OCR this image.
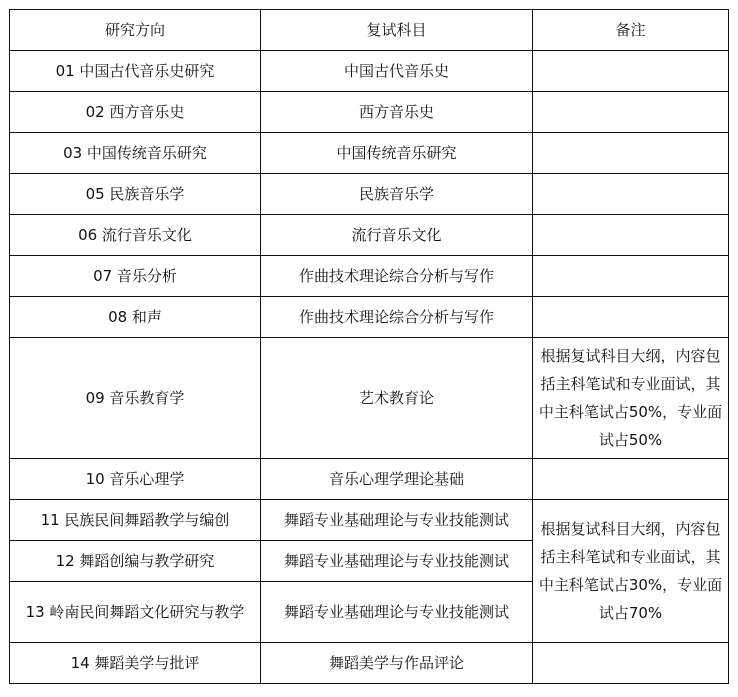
研究方向	复试科目	备注
01 中国古代音乐史研究	中国古代音乐史	
02 西方音乐史	西方音乐史	
03 中国传统音乐研究	中国传统音乐研究	
05 民族音乐学	民族音乐学	
06 流行音乐文化	流行音乐文化	
07 音乐分析	作曲技术理论综合分析与写作	
08 和声	作曲技术理论综合分析与写作	
09 音乐教育学	艺术教育论	根据复试科目大纲，内容包括主科笔试和专业面试，其中主科笔试占50%，专业面试占50%
10 音乐心理学	音乐心理学理论基础	
11 民族民间舞蹈教学与编创	舞蹈专业基础理论与专业技能测试	根据复试科目大纲，内容包括主科笔试和专业面试，其中主科笔试占30%，专业面试占70%
12 舞蹈创编与教学研究	舞蹈专业基础理论与专业技能测试	
13 岭南民间舞蹈文化研究与教学	舞蹈专业基础理论与专业技能测试	
14 舞蹈美学与批评	舞蹈美学与作品评论	
